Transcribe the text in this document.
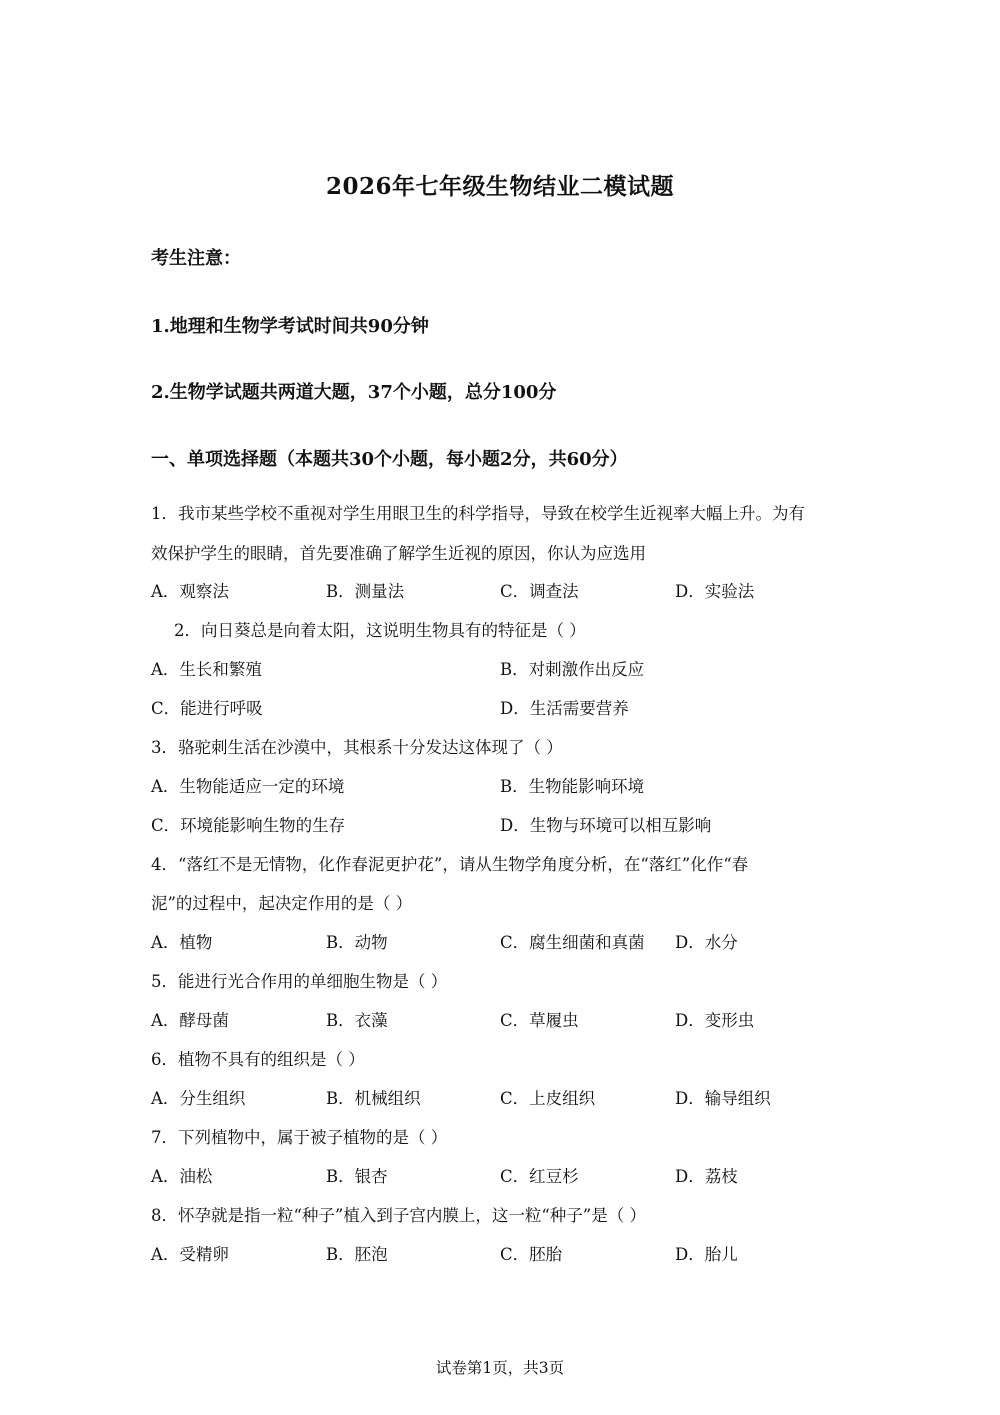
2026年七年级生物结业二模试题
考生注意：
1.地理和生物学考试时间共90分钟
2.生物学试题共两道大题，37个小题，总分100分
一、单项选择题（本题共30个小题，每小题2分，共60分）
1．我市某些学校不重视对学生用眼卫生的科学指导，导致在校学生近视率大幅上升。为有
效保护学生的眼睛，首先要准确了解学生近视的原因，你认为应选用
A．观察法	B．测量法	C．调查法	D．实验法
2．向日葵总是向着太阳，这说明生物具有的特征是（ ）
A．生长和繁殖	B．对刺激作出反应
C．能进行呼吸	D．生活需要营养
3．骆驼刺生活在沙漠中，其根系十分发达这体现了（ ）
A．生物能适应一定的环境	B．生物能影响环境
C．环境能影响生物的生存	D．生物与环境可以相互影响
4．“落红不是无情物，化作春泥更护花”，请从生物学角度分析，在“落红”化作“春
泥”的过程中，起决定作用的是（ ）
A．植物	B．动物	C．腐生细菌和真菌 D．水分
5．能进行光合作用的单细胞生物是（ ）
A．酵母菌	B．衣藻	C．草履虫	D．变形虫
6．植物不具有的组织是（ ）
A．分生组织	B．机械组织	C．上皮组织	D．输导组织
7．下列植物中，属于被子植物的是（ ）
A．油松	B．银杏	C．红豆杉	D．荔枝
8．怀孕就是指一粒“种子”植入到子宫内膜上，这一粒“种子”是（ ）
A．受精卵	B．胚泡	C．胚胎	D．胎儿
试卷第1页，共3页
